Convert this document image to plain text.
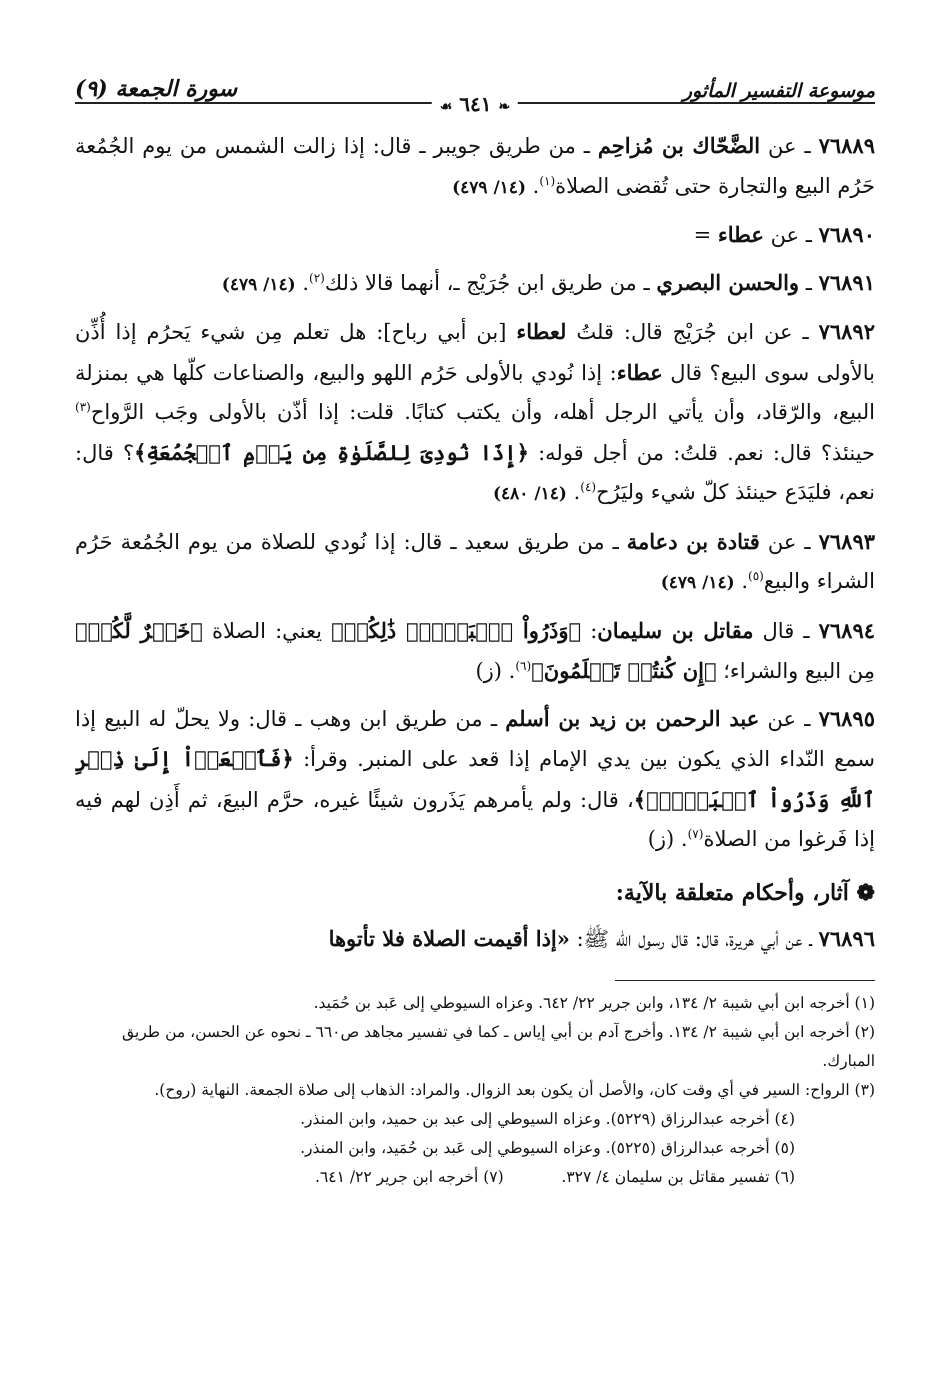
موسوعة التفسير المأثور
سورة الجمعة (٩)
❧ ٦٤١ ☙

٧٦٨٨٩ ـ عن الضَّحّاك بن مُزاحِم ـ من طريق جويبر ـ قال: إذا زالت الشمس من يوم الجُمُعة حَرُم البيع والتجارة حتى تُقضى الصلاة$^{(١)}$. (١٤/ ٤٧٩)

٧٦٨٩٠ ـ عن عطاء =

٧٦٨٩١ ـ والحسن البصري ـ من طريق ابن جُرَيْج ـ، أنهما قالا ذلك$^{(٢)}$. (١٤/ ٤٧٩)

٧٦٨٩٢ ـ عن ابن جُرَيْج قال: قلتُ لعطاء [بن أبي رباح]: هل تعلم مِن شيء يَحرُم إذا أُذِّن بالأولى سوى البيع؟ قال عطاء: إذا نُودي بالأولى حَرُم اللهو والبيع، والصناعات كلّها هي بمنزلة البيع، والرّقاد، وأن يأتي الرجل أهله، وأن يكتب كتابًا. قلت: إذا أذّن بالأولى وجَب الرَّواح$^{(٣)}$ حينئذ؟ قال: نعم. قلتُ: من أجل قوله: ﴿إِذَا نُودِىَ لِلصَّلَوٰةِ مِن يَوۡمِ ٱلۡجُمُعَةِ﴾؟ قال: نعم، فليَدَع حينئذ كلّ شيء وليَرُح$^{(٤)}$. (١٤/ ٤٨٠)

٧٦٨٩٣ ـ عن قتادة بن دعامة ـ من طريق سعيد ـ قال: إذا نُودي للصلاة من يوم الجُمُعة حَرُم الشراء والبيع$^{(٥)}$. (١٤/ ٤٧٩)

٧٦٨٩٤ ـ قال مقاتل بن سليمان: ﴿وَذَرُواْ ٱلۡبَيۡعَۚ ذَٰلِكُمۡ﴾ يعني: الصلاة ﴿خَيۡرٌ لَّكُمۡ﴾ مِن البيع والشراء؛ ﴿إِن كُنتُمۡ تَعۡلَمُونَ﴾$^{(٦)}$. (ز)

٧٦٨٩٥ ـ عن عبد الرحمن بن زيد بن أسلم ـ من طريق ابن وهب ـ قال: ولا يحلّ له البيع إذا سمع النّداء الذي يكون بين يدي الإمام إذا قعد على المنبر. وقرأ: ﴿فَٱسۡعَوۡاْ إِلَىٰ ذِكۡرِ ٱللَّهِ وَذَرُواْ ٱلۡبَيۡعَۚ﴾، قال: ولم يأمرهم يَذَرون شيئًا غيره، حرَّم البيعَ، ثم أَذِن لهم فيه إذا فَرغوا من الصلاة$^{(٧)}$. (ز)

❁ آثار، وأحكام متعلقة بالآية:

٧٦٨٩٦ ـ عن أبي هريرة، قال: قال رسول الله ﷺ: «إذا أقيمت الصلاة فلا تأتوها

(١) أخرجه ابن أبي شيبة ٢/ ١٣٤، وابن جرير ٢٢/ ٦٤٢. وعزاه السيوطي إلى عَبد بن حُمَيد.
(٢) أخرجه ابن أبي شيبة ٢/ ١٣٤. وأخرج آدم بن أبي إياس ـ كما في تفسير مجاهد ص٦٦٠ ـ نحوه عن الحسن، من طريق المبارك.
(٣) الرواح: السير في أي وقت كان، والأصل أن يكون بعد الزوال. والمراد: الذهاب إلى صلاة الجمعة. النهاية (روح).
(٤) أخرجه عبدالرزاق (٥٢٢٩). وعزاه السيوطي إلى عبد بن حميد، وابن المنذر.
(٥) أخرجه عبدالرزاق (٥٢٢٥). وعزاه السيوطي إلى عَبد بن حُمَيد، وابن المنذر.
(٦) تفسير مقاتل بن سليمان ٤/ ٣٢٧.
(٧) أخرجه ابن جرير ٢٢/ ٦٤١.
